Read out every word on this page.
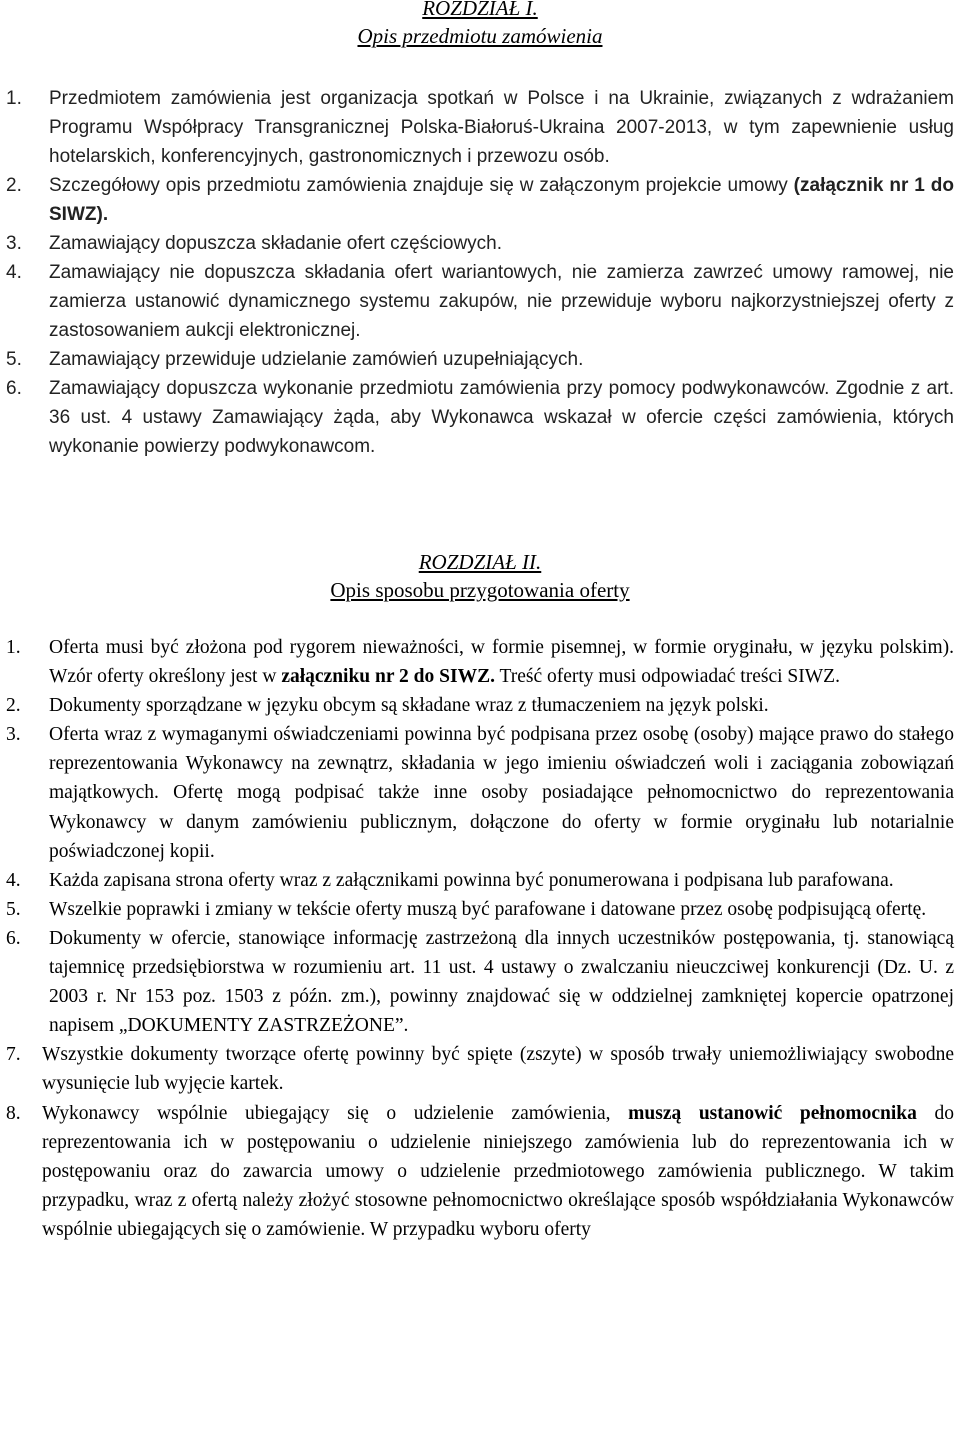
ROZDZIAŁ I.
Opis przedmiotu zamówienia
1. Przedmiotem zamówienia jest organizacja spotkań w Polsce i na Ukrainie, związanych z wdrażaniem Programu Współpracy Transgranicznej Polska-Białoruś-Ukraina 2007-2013, w tym zapewnienie usług hotelarskich, konferencyjnych, gastronomicznych i przewozu osób.
2. Szczegółowy opis przedmiotu zamówienia znajduje się w załączonym projekcie umowy (załącznik nr 1 do SIWZ).
3. Zamawiający dopuszcza składanie ofert częściowych.
4. Zamawiający nie dopuszcza składania ofert wariantowych, nie zamierza zawrzeć umowy ramowej, nie zamierza ustanowić dynamicznego systemu zakupów, nie przewiduje wyboru najkorzystniejszej oferty z zastosowaniem aukcji elektronicznej.
5. Zamawiający przewiduje udzielanie zamówień uzupełniających.
6. Zamawiający dopuszcza wykonanie przedmiotu zamówienia przy pomocy podwykonawców. Zgodnie z art. 36 ust. 4 ustawy Zamawiający żąda, aby Wykonawca wskazał w ofercie części zamówienia, których wykonanie powierzy podwykonawcom.
ROZDZIAŁ II.
Opis sposobu przygotowania oferty
1. Oferta musi być złożona pod rygorem nieważności, w formie pisemnej, w formie oryginału, w języku polskim). Wzór oferty określony jest w załączniku nr 2 do SIWZ. Treść oferty musi odpowiadać treści SIWZ.
2. Dokumenty sporządzane w języku obcym są składane wraz z tłumaczeniem na język polski.
3. Oferta wraz z wymaganymi oświadczeniami powinna być podpisana przez osobę (osoby) mające prawo do stałego reprezentowania Wykonawcy na zewnątrz, składania w jego imieniu oświadczeń woli i zaciągania zobowiązań majątkowych. Ofertę mogą podpisać także inne osoby posiadające pełnomocnictwo do reprezentowania Wykonawcy w danym zamówieniu publicznym, dołączone do oferty w formie oryginału lub notarialnie poświadczonej kopii.
4. Każda zapisana strona oferty wraz z załącznikami powinna być ponumerowana i podpisana lub parafowana.
5. Wszelkie poprawki i zmiany w tekście oferty muszą być parafowane i datowane przez osobę podpisującą ofertę.
6. Dokumenty w ofercie, stanowiące informację zastrzeżoną dla innych uczestników postępowania, tj. stanowiącą tajemnicę przedsiębiorstwa w rozumieniu art. 11 ust. 4 ustawy o zwalczaniu nieuczciwej konkurencji (Dz. U. z 2003 r. Nr 153 poz. 1503 z późn. zm.), powinny znajdować się w oddzielnej zamkniętej kopercie opatrzonej napisem „DOKUMENTY ZASTRZEŻONE”.
7. Wszystkie dokumenty tworzące ofertę powinny być spięte (zszyte) w sposób trwały uniemożliwiający swobodne wysunięcie lub wyjęcie kartek.
8. Wykonawcy wspólnie ubiegający się o udzielenie zamówienia, muszą ustanowić pełnomocnika do reprezentowania ich w postępowaniu o udzielenie niniejszego zamówienia lub do reprezentowania ich w postępowaniu oraz do zawarcia umowy o udzielenie przedmiotowego zamówienia publicznego. W takim przypadku, wraz z ofertą należy złożyć stosowne pełnomocnictwo określające sposób współdziałania Wykonawców wspólnie ubiegających się o zamówienie. W przypadku wyboru oferty
